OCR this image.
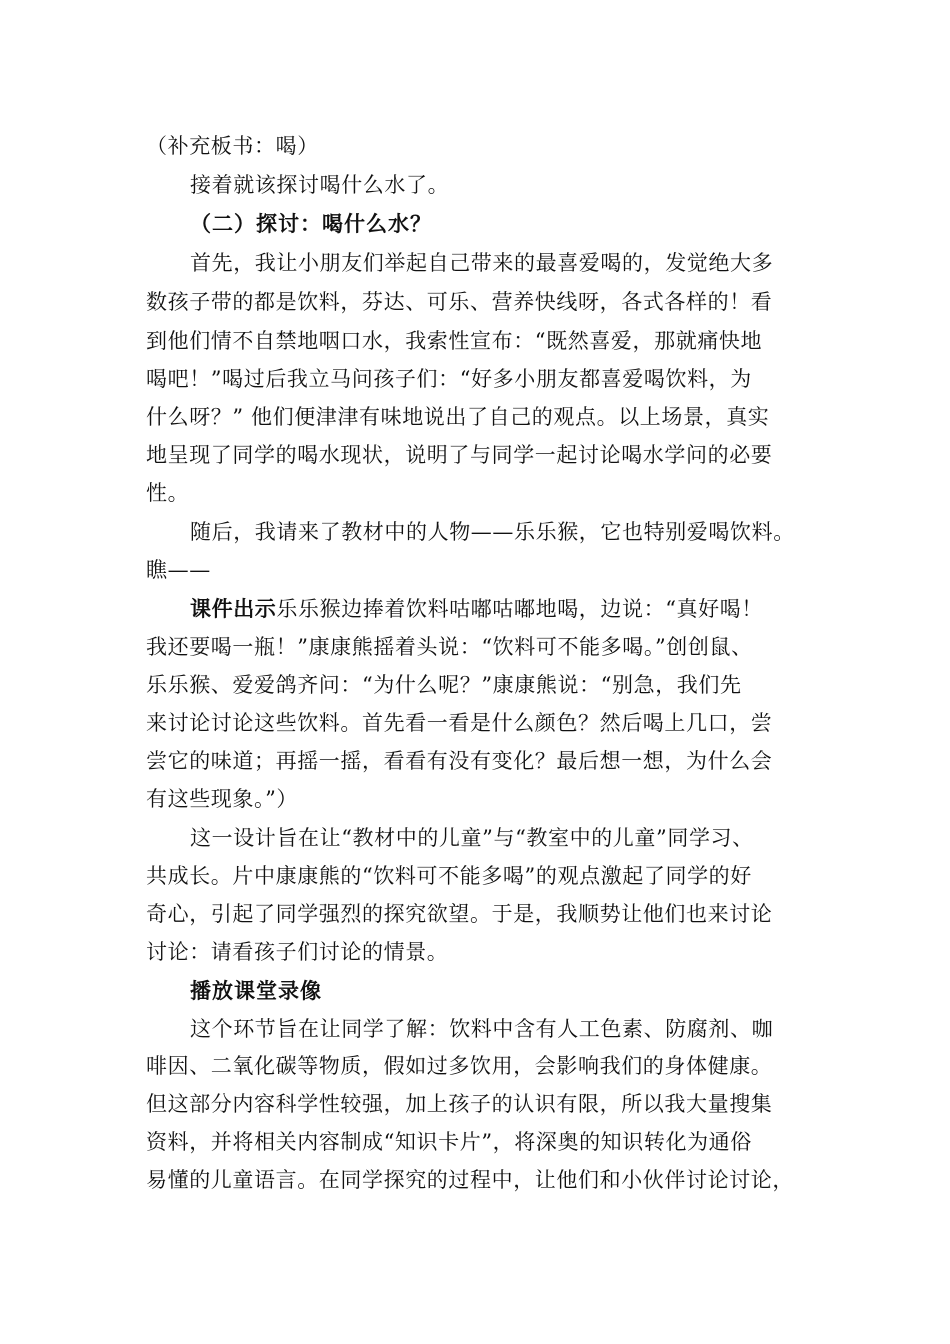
（补充板书：喝）
接着就该探讨喝什么水了。
（二）探讨：喝什么水？
首先，我让小朋友们举起自己带来的最喜爱喝的，发觉绝大多
数孩子带的都是饮料，芬达、可乐、营养快线呀，各式各样的！看
到他们情不自禁地咽口水，我索性宣布：“既然喜爱，那就痛快地
喝吧！”喝过后我立马问孩子们：“好多小朋友都喜爱喝饮料，为
什么呀？” 他们便津津有味地说出了自己的观点。以上场景，真实
地呈现了同学的喝水现状，说明了与同学一起讨论喝水学问的必要
性。
随后，我请来了教材中的人物——乐乐猴，它也特别爱喝饮料。
瞧——
课件出示乐乐猴边捧着饮料咕嘟咕嘟地喝，边说：“真好喝！
我还要喝一瓶！”康康熊摇着头说：“饮料可不能多喝。”创创鼠、
乐乐猴、爱爱鸽齐问：“为什么呢？”康康熊说：“别急，我们先
来讨论讨论这些饮料。首先看一看是什么颜色？然后喝上几口，尝
尝它的味道；再摇一摇，看看有没有变化？最后想一想，为什么会
有这些现象。”）
这一设计旨在让“教材中的儿童”与“教室中的儿童”同学习、
共成长。片中康康熊的“饮料可不能多喝”的观点激起了同学的好
奇心，引起了同学强烈的探究欲望。于是，我顺势让他们也来讨论
讨论：请看孩子们讨论的情景。
播放课堂录像
这个环节旨在让同学了解：饮料中含有人工色素、防腐剂、咖
啡因、二氧化碳等物质，假如过多饮用，会影响我们的身体健康。
但这部分内容科学性较强，加上孩子的认识有限，所以我大量搜集
资料，并将相关内容制成“知识卡片”，将深奥的知识转化为通俗
易懂的儿童语言。在同学探究的过程中，让他们和小伙伴讨论讨论，
